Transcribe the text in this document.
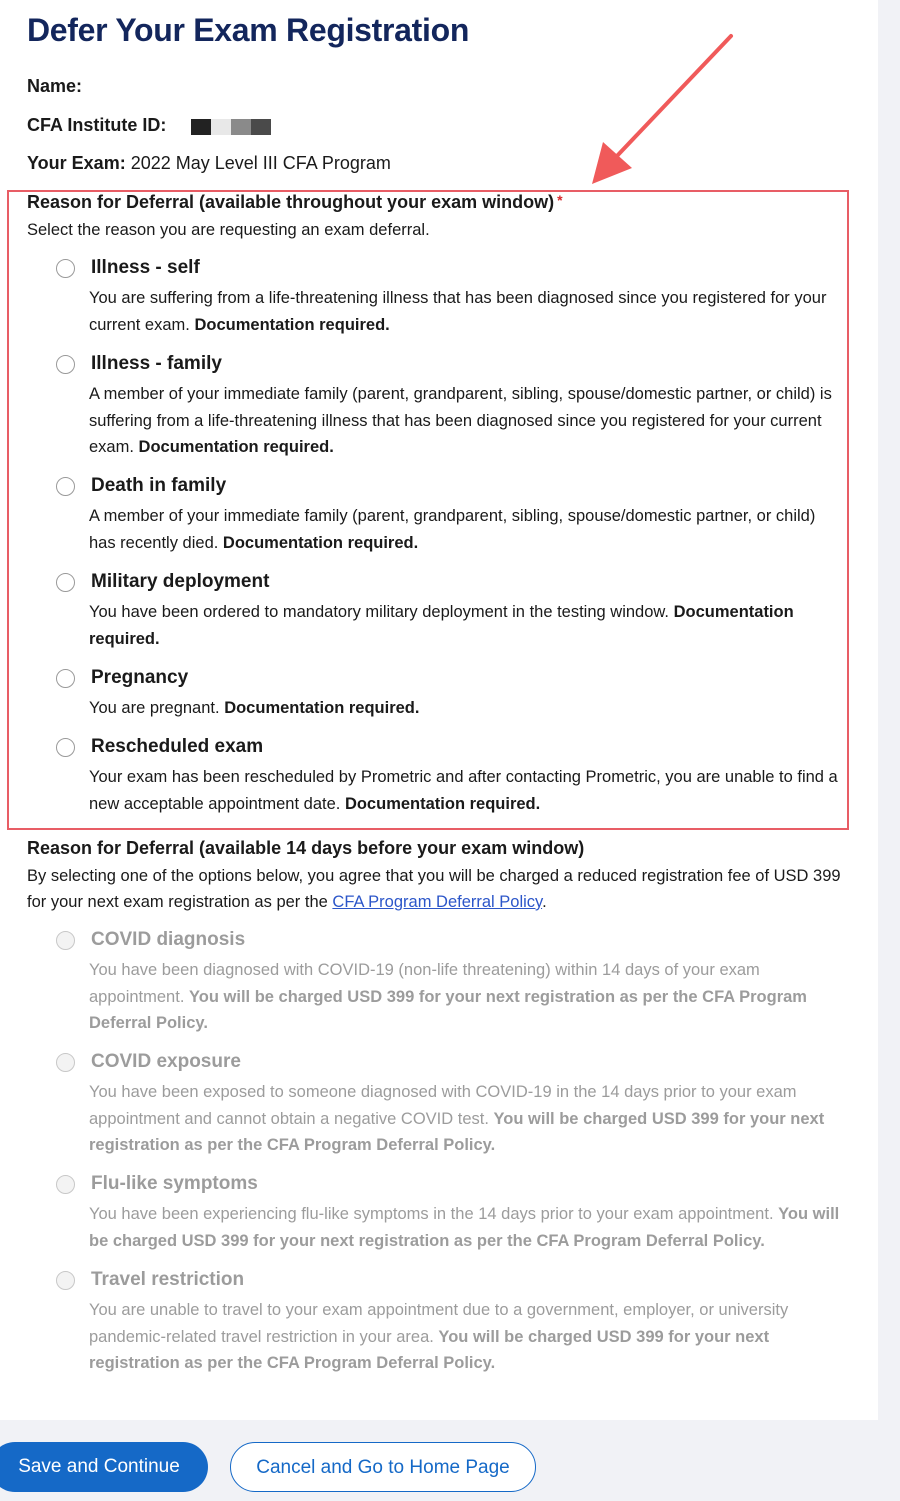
Defer Your Exam Registration
Name:
CFA Institute ID:
Your Exam: 2022 May Level III CFA Program
Reason for Deferral (available throughout your exam window) *
Select the reason you are requesting an exam deferral.
Illness - self
You are suffering from a life-threatening illness that has been diagnosed since you registered for your current exam. Documentation required.
Illness - family
A member of your immediate family (parent, grandparent, sibling, spouse/domestic partner, or child) is suffering from a life-threatening illness that has been diagnosed since you registered for your current exam. Documentation required.
Death in family
A member of your immediate family (parent, grandparent, sibling, spouse/domestic partner, or child) has recently died. Documentation required.
Military deployment
You have been ordered to mandatory military deployment in the testing window. Documentation required.
Pregnancy
You are pregnant. Documentation required.
Rescheduled exam
Your exam has been rescheduled by Prometric and after contacting Prometric, you are unable to find a new acceptable appointment date. Documentation required.
Reason for Deferral (available 14 days before your exam window)
By selecting one of the options below, you agree that you will be charged a reduced registration fee of USD 399 for your next exam registration as per the CFA Program Deferral Policy.
COVID diagnosis
You have been diagnosed with COVID-19 (non-life threatening) within 14 days of your exam appointment. You will be charged USD 399 for your next registration as per the CFA Program Deferral Policy.
COVID exposure
You have been exposed to someone diagnosed with COVID-19 in the 14 days prior to your exam appointment and cannot obtain a negative COVID test. You will be charged USD 399 for your next registration as per the CFA Program Deferral Policy.
Flu-like symptoms
You have been experiencing flu-like symptoms in the 14 days prior to your exam appointment. You will be charged USD 399 for your next registration as per the CFA Program Deferral Policy.
Travel restriction
You are unable to travel to your exam appointment due to a government, employer, or university pandemic-related travel restriction in your area. You will be charged USD 399 for your next registration as per the CFA Program Deferral Policy.
Save and Continue	Cancel and Go to Home Page
